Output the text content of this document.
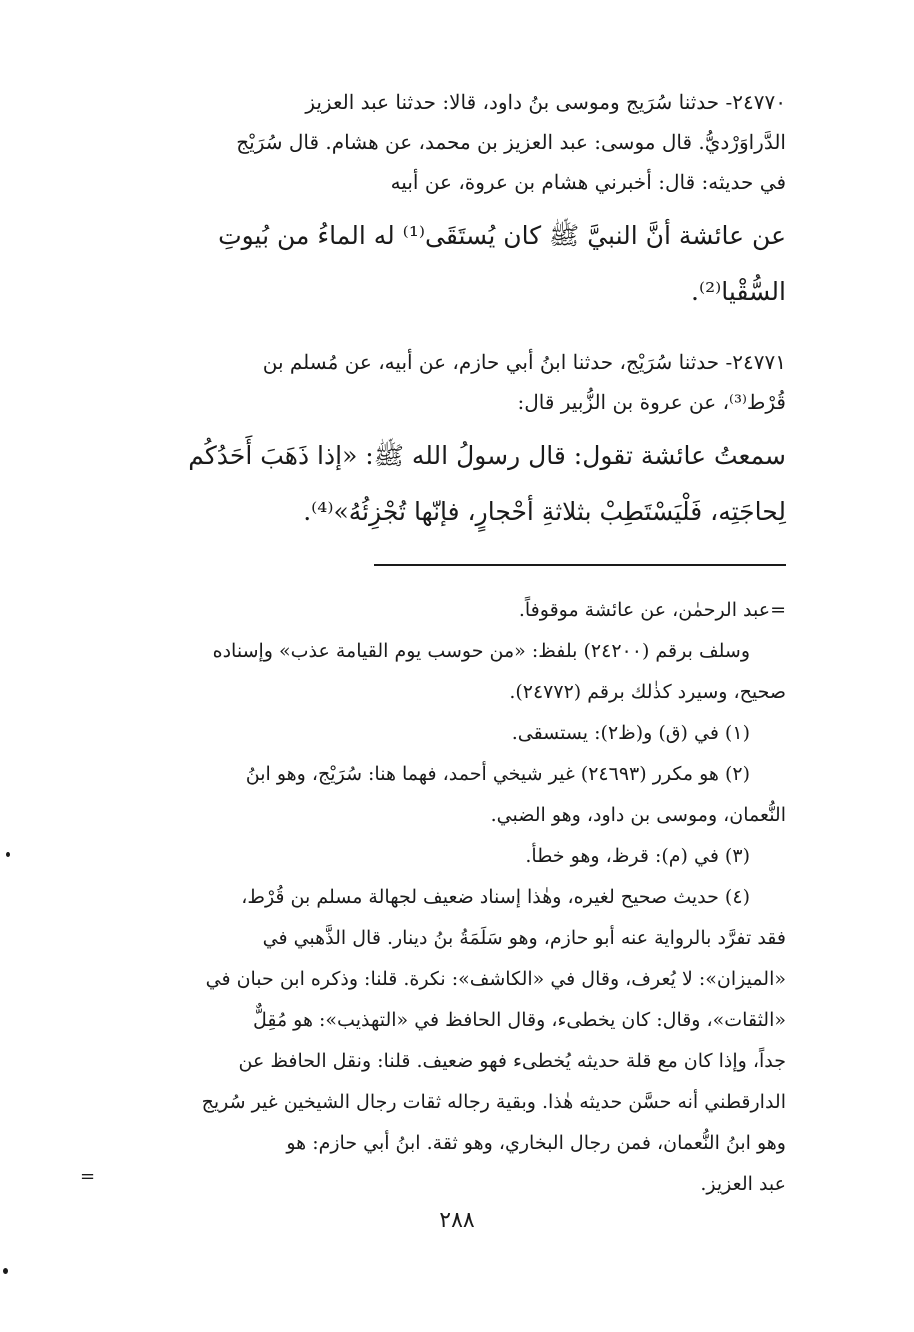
٢٤٧٧٠- حدثنا سُرَيج وموسى بنُ داود، قالا: حدثنا عبد العزيز

الدَّراوَرْديُّ. قال موسى: عبد العزيز بن محمد، عن هشام. قال سُرَيْج

في حديثه: قال: أخبرني هشام بن عروة، عن أبيه

عن عائشة أنَّ النبيَّ ﷺ كان يُستَقَى⁽¹⁾ له الماءُ من بُيوتِ

السُّقْيا⁽²⁾.

٢٤٧٧١- حدثنا سُرَيْج، حدثنا ابنُ أبي حازم، عن أبيه، عن مُسلم بن

قُرْط⁽³⁾، عن عروة بن الزُّبير قال:

سمعتُ عائشة تقول: قال رسولُ الله ﷺ: «إذا ذَهَبَ أَحَدُكُم

لِحاجَتِه، فَلْيَسْتَطِبْ بثلاثةِ أحْجارٍ، فإنّها تُجْزِئُهُ»⁽⁴⁾.

=عبد الرحمٰن، عن عائشة موقوفاً.

وسلف برقم (٢٤٢٠٠) بلفظ: «من حوسب يوم القيامة عذب» وإسناده

صحيح، وسيرد كذٰلك برقم (٢٤٧٧٢).

(١) في (ق) و(ظ٢): يستسقى.

(٢) هو مكرر (٢٤٦٩٣) غير شيخي أحمد، فهما هنا: سُرَيْج، وهو ابنُ

النُّعمان، وموسى بن داود، وهو الضبي.

(٣) في (م): قرظ، وهو خطأ.

(٤) حديث صحيح لغيره، وهٰذا إسناد ضعيف لجهالة مسلم بن قُرْط،

فقد تفرَّد بالرواية عنه أبو حازم، وهو سَلَمَةُ بنُ دينار. قال الذَّهبي في

«الميزان»: لا يُعرف، وقال في «الكاشف»: نكرة. قلنا: وذكره ابن حبان في

«الثقات»، وقال: كان يخطىء، وقال الحافظ في «التهذيب»: هو مُقِلٌّ

جداً، وإذا كان مع قلة حديثه يُخطىء فهو ضعيف. قلنا: ونقل الحافظ عن

الدارقطني أنه حسَّن حديثه هٰذا. وبقية رجاله ثقات رجال الشيخين غير سُريج

وهو ابنُ النُّعمان، فمن رجال البخاري، وهو ثقة. ابنُ أبي حازم: هو

عبد العزيز.

=
٢٨٨
